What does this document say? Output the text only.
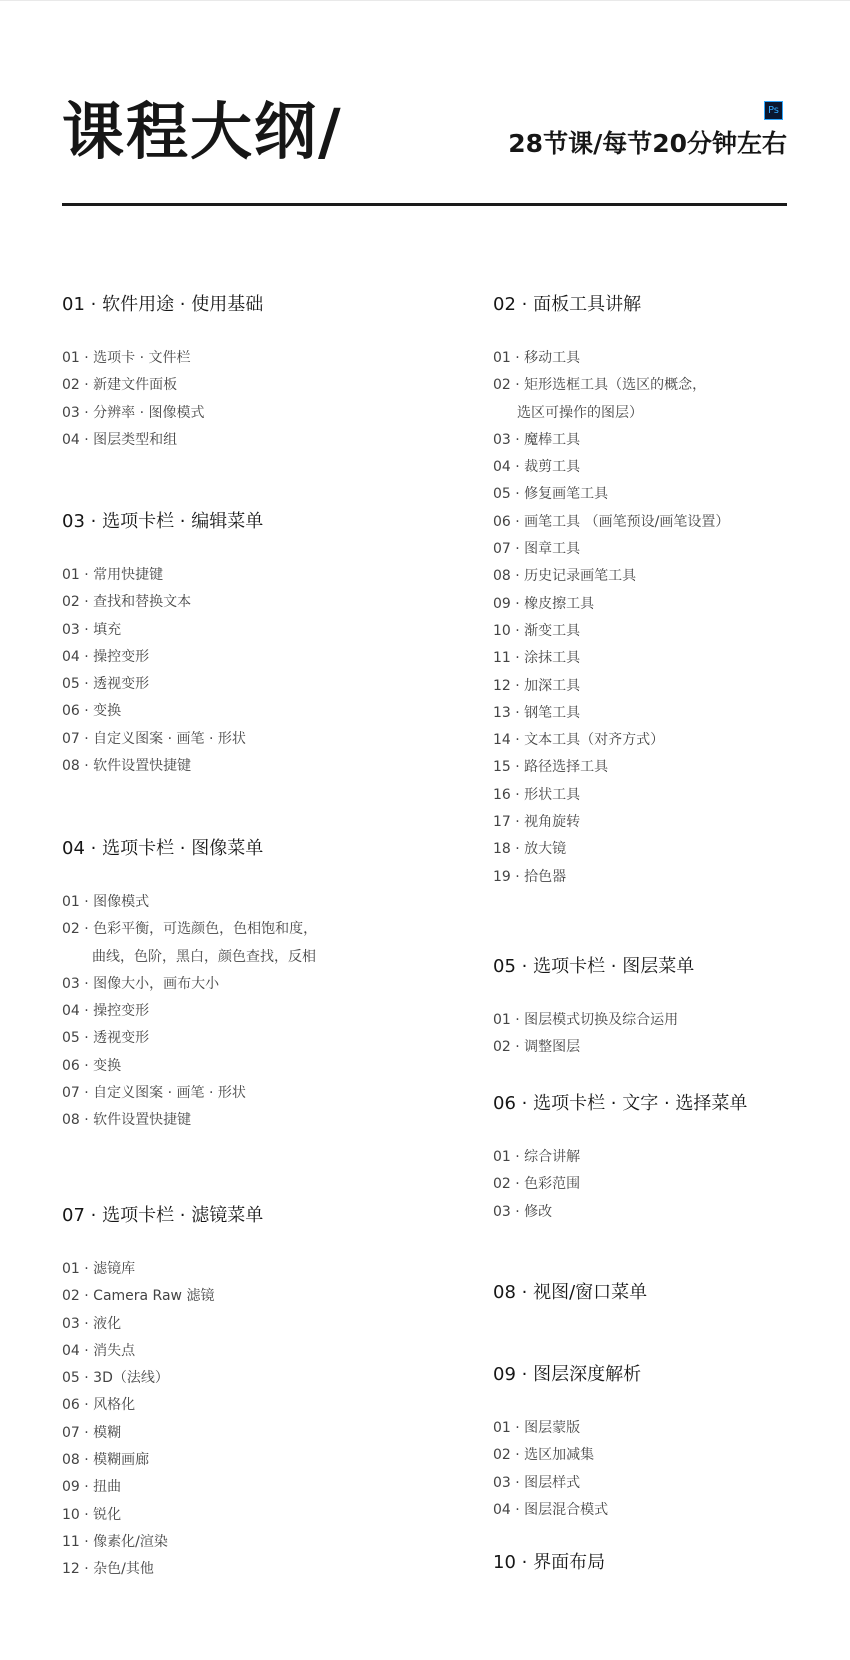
课程大纲/	Ps
28节课/每节20分钟左右
01 · 软件用途 · 使用基础
01 · 选项卡 · 文件栏
02 · 新建文件面板
03 · 分辨率 · 图像模式
04 · 图层类型和组
03 · 选项卡栏 · 编辑菜单
01 · 常用快捷键
02 · 查找和替换文本
03 · 填充
04 · 操控变形
05 · 透视变形
06 · 变换
07 · 自定义图案 · 画笔 · 形状
08 · 软件设置快捷键
04 · 选项卡栏 · 图像菜单
01 · 图像模式
02 · 色彩平衡，可选颜色，色相饱和度，
曲线，色阶，黑白，颜色查找，反相
03 · 图像大小，画布大小
04 · 操控变形
05 · 透视变形
06 · 变换
07 · 自定义图案 · 画笔 · 形状
08 · 软件设置快捷键
07 · 选项卡栏 · 滤镜菜单
01 · 滤镜库
02 · Camera Raw 滤镜
03 · 液化
04 · 消失点
05 · 3D（法线）
06 · 风格化
07 · 模糊
08 · 模糊画廊
09 · 扭曲
10 · 锐化
11 · 像素化/渲染
12 · 杂色/其他
02 · 面板工具讲解
01 · 移动工具
02 · 矩形选框工具（选区的概念，
选区可操作的图层）
03 · 魔棒工具
04 · 裁剪工具
05 · 修复画笔工具
06 · 画笔工具 （画笔预设/画笔设置）
07 · 图章工具
08 · 历史记录画笔工具
09 · 橡皮擦工具
10 · 渐变工具
11 · 涂抹工具
12 · 加深工具
13 · 钢笔工具
14 · 文本工具（对齐方式）
15 · 路径选择工具
16 · 形状工具
17 · 视角旋转
18 · 放大镜
19 · 拾色器
05 · 选项卡栏 · 图层菜单
01 · 图层模式切换及综合运用
02 · 调整图层
06 · 选项卡栏 · 文字 · 选择菜单
01 · 综合讲解
02 · 色彩范围
03 · 修改
08 · 视图/窗口菜单
09 · 图层深度解析
01 · 图层蒙版
02 · 选区加减集
03 · 图层样式
04 · 图层混合模式
10 · 界面布局
